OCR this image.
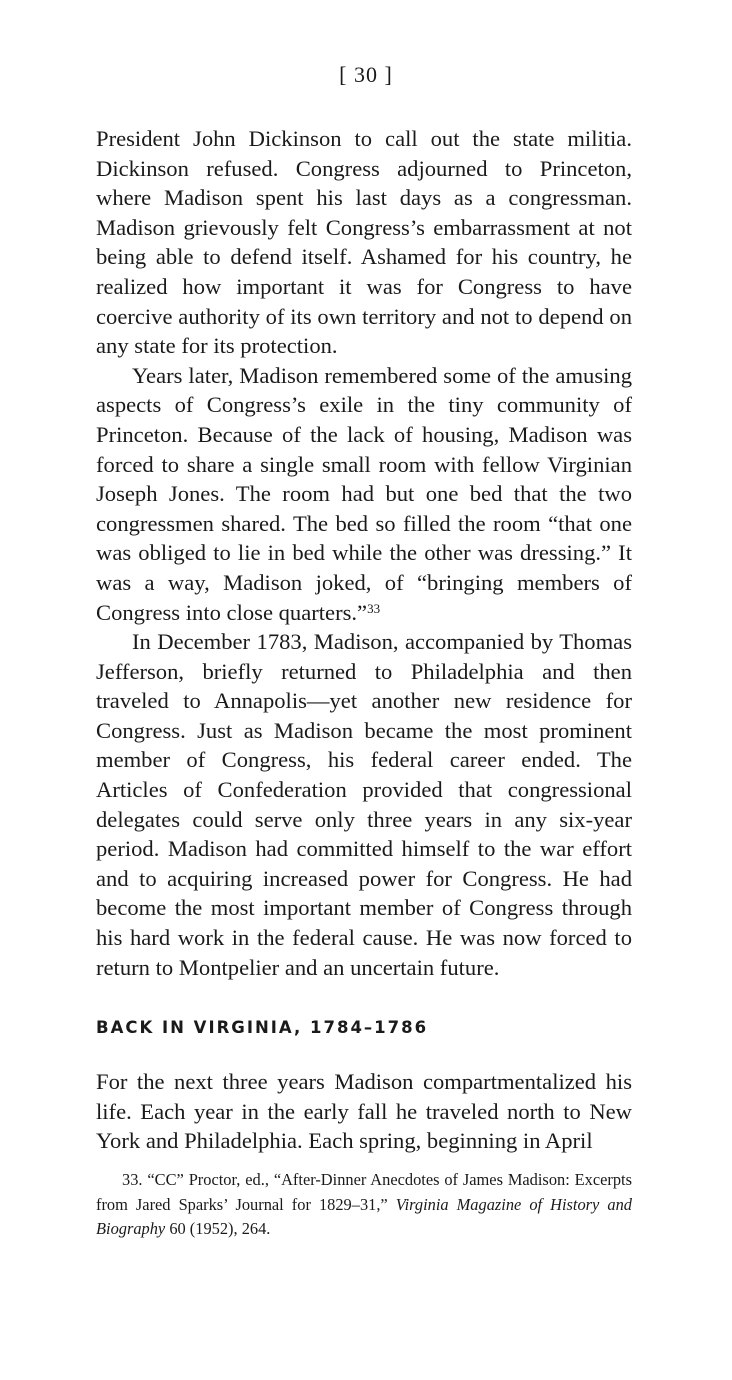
[ 30 ]

President John Dickinson to call out the state militia. Dickinson refused. Congress adjourned to Princeton, where Madison spent his last days as a congressman. Madison grievously felt Congress’s embarrassment at not being able to defend itself. Ashamed for his country, he realized how important it was for Congress to have coercive authority of its own territory and not to depend on any state for its protection.

Years later, Madison remembered some of the amusing aspects of Congress’s exile in the tiny community of Princeton. Because of the lack of housing, Madison was forced to share a single small room with fellow Virginian Joseph Jones. The room had but one bed that the two congressmen shared. The bed so filled the room “that one was obliged to lie in bed while the other was dressing.” It was a way, Madison joked, of “bringing members of Congress into close quarters.”$^{33}$

In December 1783, Madison, accompanied by Thomas Jefferson, briefly returned to Philadelphia and then traveled to Annapolis—yet another new residence for Congress. Just as Madison became the most prominent member of Congress, his federal career ended. The Articles of Confederation provided that congressional delegates could serve only three years in any six-year period. Madison had committed himself to the war effort and to acquiring increased power for Congress. He had become the most important member of Congress through his hard work in the federal cause. He was now forced to return to Montpelier and an uncertain future.

BACK IN VIRGINIA, 1784–1786

For the next three years Madison compartmentalized his life. Each year in the early fall he traveled north to New York and Philadelphia. Each spring, beginning in April

33. “CC” Proctor, ed., “After-Dinner Anecdotes of James Madison: Excerpts from Jared Sparks’ Journal for 1829–31,” Virginia Magazine of History and Biography 60 (1952), 264.
